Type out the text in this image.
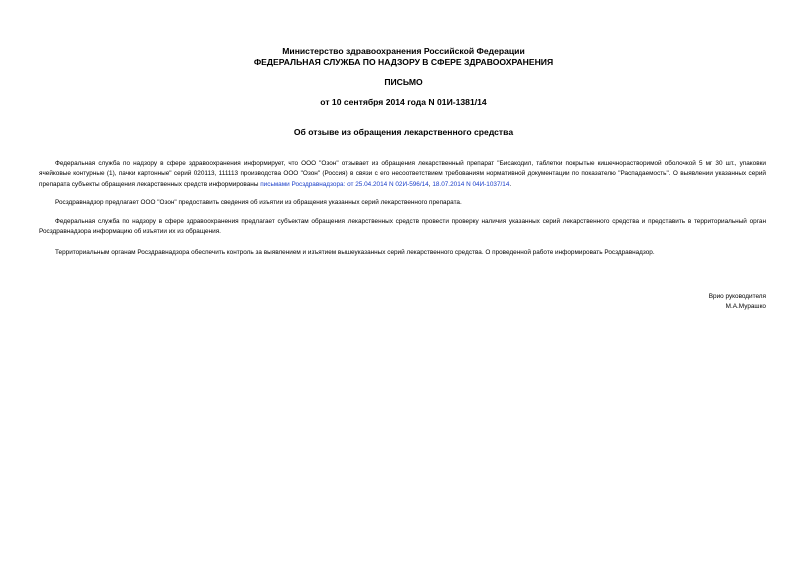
Министерство здравоохранения Российской Федерации
ФЕДЕРАЛЬНАЯ СЛУЖБА ПО НАДЗОРУ В СФЕРЕ ЗДРАВООХРАНЕНИЯ
ПИСЬМО
от 10 сентября 2014 года N 01И-1381/14
Об отзыве из обращения лекарственного средства

Федеральная служба по надзору в сфере здравоохранения информирует, что ООО "Озон" отзывает из обращения лекарственный препарат "Бисакодил, таблетки покрытые кишечнорастворимой оболочкой 5 мг 30 шт., упаковки ячейковые контурные (1), пачки картонные" серий 020113, 111113 производства ООО "Озон" (Россия) в связи с его несоответствием требованиям нормативной документации по показателю "Распадаемость". О выявлении указанных серий препарата субъекты обращения лекарственных средств информированы письмами Росздравнадзора: от 25.04.2014 N 02И-596/14, 18.07.2014 N 04И-1037/14.

Росздравнадзор предлагает ООО "Озон" предоставить сведения об изъятии из обращения указанных серий лекарственного препарата.

Федеральная служба по надзору в сфере здравоохранения предлагает субъектам обращения лекарственных средств провести проверку наличия указанных серий лекарственного средства и представить в территориальный орган Росздравнадзора информацию об изъятии их из обращения.

Территориальным органам Росздравнадзора обеспечить контроль за выявлением и изъятием вышеуказанных серий лекарственного средства. О проведенной работе информировать Росздравнадзор.

Врио руководителя
М.А.Мурашко
